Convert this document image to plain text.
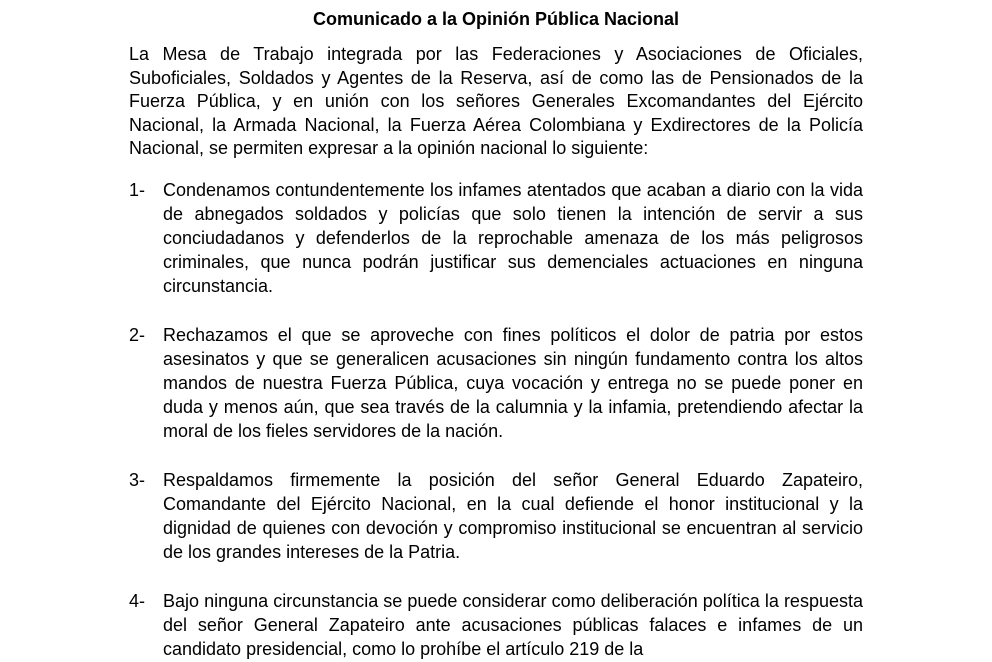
Comunicado a la Opinión Pública Nacional

La Mesa de Trabajo integrada por las Federaciones y Asociaciones de Oficiales, Suboficiales, Soldados y Agentes de la Reserva, así de como las de Pensionados de la Fuerza Pública, y en unión con los señores Generales Excomandantes del Ejército Nacional, la Armada Nacional, la Fuerza Aérea Colombiana y Exdirectores de la Policía Nacional, se permiten expresar a la opinión nacional lo siguiente:

1- Condenamos contundentemente los infames atentados que acaban a diario con la vida de abnegados soldados y policías que solo tienen la intención de servir a sus conciudadanos y defenderlos de la reprochable amenaza de los más peligrosos criminales, que nunca podrán justificar sus demenciales actuaciones en ninguna circunstancia.

2- Rechazamos el que se aproveche con fines políticos el dolor de patria por estos asesinatos y que se generalicen acusaciones sin ningún fundamento contra los altos mandos de nuestra Fuerza Pública, cuya vocación y entrega no se puede poner en duda y menos aún, que sea través de la calumnia y la infamia, pretendiendo afectar la moral de los fieles servidores de la nación.

3- Respaldamos firmemente la posición del señor General Eduardo Zapateiro, Comandante del Ejército Nacional, en la cual defiende el honor institucional y la dignidad de quienes con devoción y compromiso institucional se encuentran al servicio de los grandes intereses de la Patria.

4- Bajo ninguna circunstancia se puede considerar como deliberación política la respuesta del señor General Zapateiro ante acusaciones públicas falaces e infames de un candidato presidencial, como lo prohíbe el artículo 219 de la
